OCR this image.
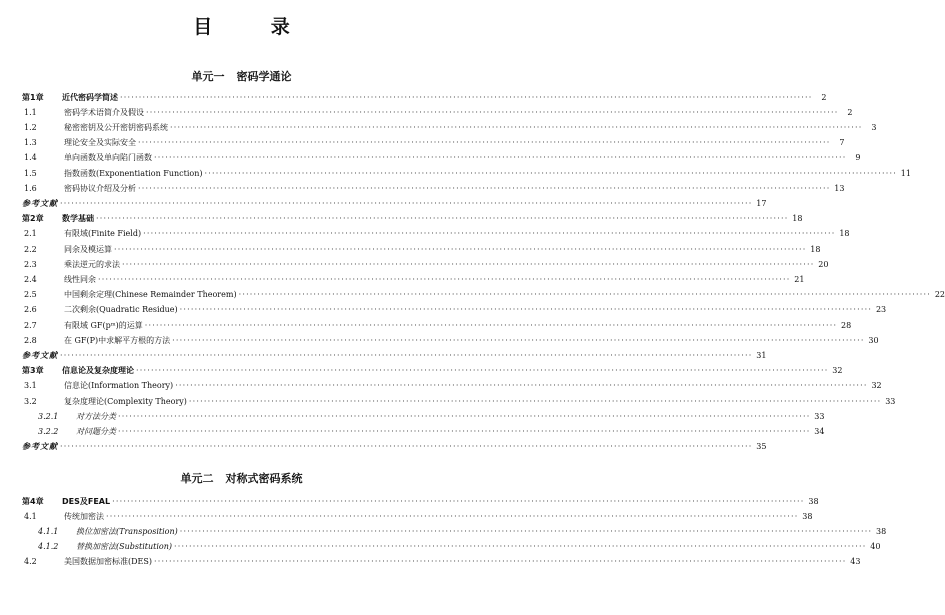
目 录
单元一 密码学通论
单元二 对称式密码系统
第1章	近代密码学简述 ·····	2
1.1	密码学术语简介及假设 ·····	2
1.2	秘密密钥及公开密钥密码系统 ·····	3
1.3	理论安全及实际安全 ·····	7
1.4	单向函数及单向陷门函数 ·····	9
1.5	指数函数(Exponentiation Function) ·····	11
1.6	密码协议介绍及分析 ·····	13
参考文献 ·····	17
第2章	数学基础 ·····	18
2.1	有限域(Finite Field) ·····	18
2.2	同余及模运算 ·····	18
2.3	乘法逆元的求法 ·····	20
2.4	线性同余 ·····	21
2.5	中国剩余定理(Chinese Remainder Theorem) ·····	22
2.6	二次剩余(Quadratic Residue) ·····	23
2.7	有限域 GF(pᵐ)的运算 ·····	28
2.8	在 GF(P)中求解平方根的方法 ·····	30
参考文献 ·····	31
第3章	信息论及复杂度理论 ·····	32
3.1	信息论(Information Theory) ·····	32
3.2	复杂度理论(Complexity Theory) ·····	33
3.2.1	对方法分类 ·····	33
3.2.2	对问题分类 ·····	34
参考文献 ·····	35
第4章	DES及FEAL ·····	38
4.1	传统加密法 ·····	38
4.1.1	换位加密法(Transposition) ·····	38
4.1.2	替换加密法(Substitution) ·····	40
4.2	美国数据加密标准(DES) ·····	43
